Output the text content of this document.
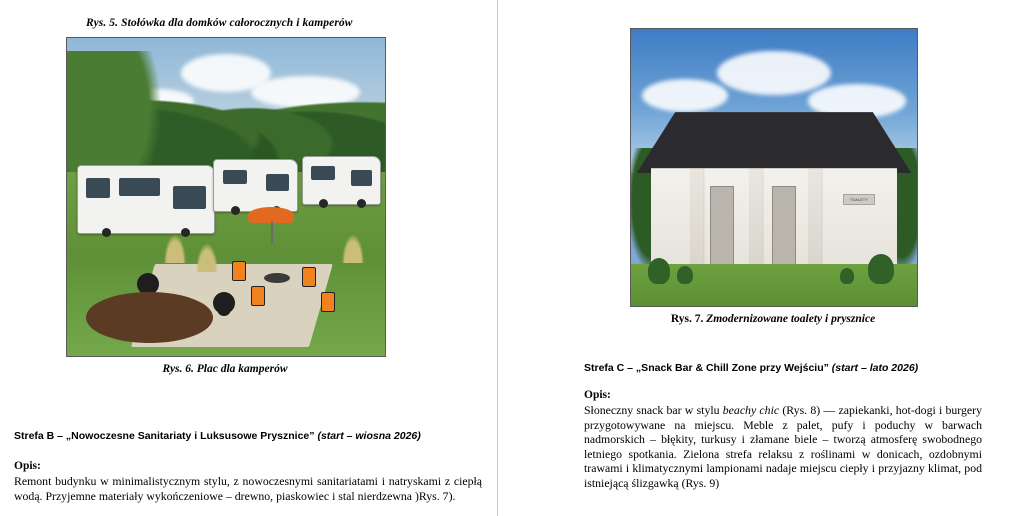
Rys. 5. Stołówka dla domków całorocznych i kamperów
Rys. 6. Plac dla kamperów
Strefa B – „Nowoczesne Sanitariaty i Luksusowe Prysznice” (start – wiosna 2026)
Opis:
Remont budynku w minimalistycznym stylu, z nowoczesnymi sanitariatami i natryskami z ciepłą wodą. Przyjemne materiały wykończeniowe – drewno, piaskowiec i stal nierdzewna )Rys. 7).
TOALETY
Rys. 7. Zmodernizowane toalety i prysznice
Strefa C – „Snack Bar & Chill Zone przy Wejściu” (start – lato 2026)
Opis:
Słoneczny snack bar w stylu beachy chic (Rys. 8) — zapiekanki, hot-dogi i burgery przygotowywane na miejscu. Meble z palet, pufy i poduchy w barwach nadmorskich – błękity, turkusy i złamane biele – tworzą atmosferę swobodnego letniego spotkania. Zielona strefa relaksu z roślinami w donicach, ozdobnymi trawami i klimatycznymi lampionami nadaje miejscu ciepły i przyjazny klimat, pod istniejącą ślizgawką (Rys. 9)
